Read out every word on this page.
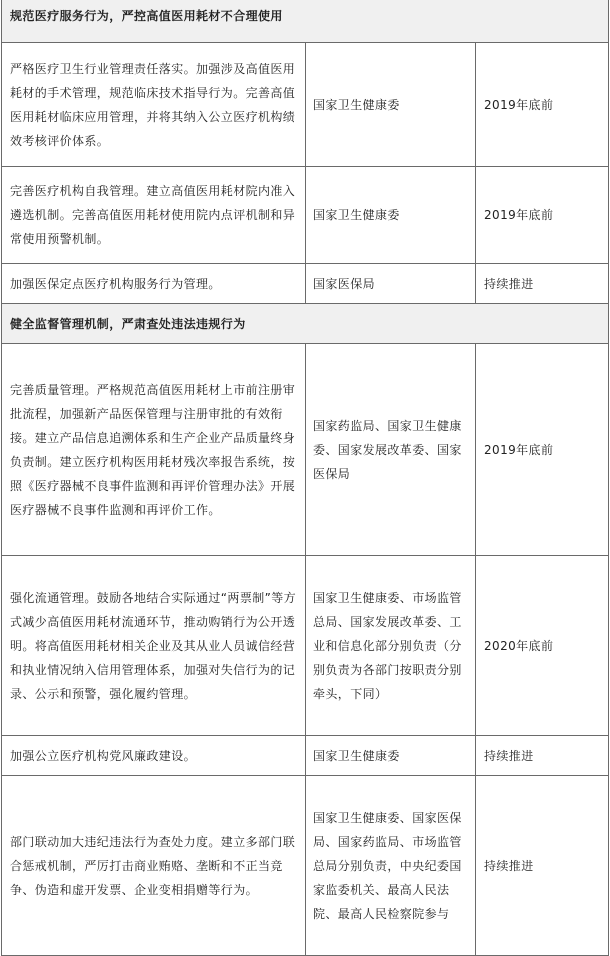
规范医疗服务行为，严控高值医用耗材不合理使用		
严格医疗卫生行业管理责任落实。加强涉及高值医用耗材的手术管理，规范临床技术指导行为。完善高值医用耗材临床应用管理，并将其纳入公立医疗机构绩效考核评价体系。	国家卫生健康委	2019年底前
完善医疗机构自我管理。建立高值医用耗材院内准入遴选机制。完善高值医用耗材使用院内点评机制和异常使用预警机制。	国家卫生健康委	2019年底前
加强医保定点医疗机构服务行为管理。	国家医保局	持续推进
健全监督管理机制，严肃查处违法违规行为		
完善质量管理。严格规范高值医用耗材上市前注册审批流程，加强新产品医保管理与注册审批的有效衔接。建立产品信息追溯体系和生产企业产品质量终身负责制。建立医疗机构医用耗材残次率报告系统，按照《医疗器械不良事件监测和再评价管理办法》开展医疗器械不良事件监测和再评价工作。	国家药监局、国家卫生健康委、国家发展改革委、国家医保局	2019年底前
强化流通管理。鼓励各地结合实际通过“两票制”等方式减少高值医用耗材流通环节，推动购销行为公开透明。将高值医用耗材相关企业及其从业人员诚信经营和执业情况纳入信用管理体系，加强对失信行为的记录、公示和预警，强化履约管理。	国家卫生健康委、市场监管总局、国家发展改革委、工业和信息化部分别负责（分别负责为各部门按职责分别牵头，下同）	2020年底前
加强公立医疗机构党风廉政建设。	国家卫生健康委	持续推进
部门联动加大违纪违法行为查处力度。建立多部门联合惩戒机制，严厉打击商业贿赂、垄断和不正当竞争、伪造和虚开发票、企业变相捐赠等行为。	国家卫生健康委、国家医保局、国家药监局、市场监管总局分别负责，中央纪委国家监委机关、最高人民法院、最高人民检察院参与	持续推进
